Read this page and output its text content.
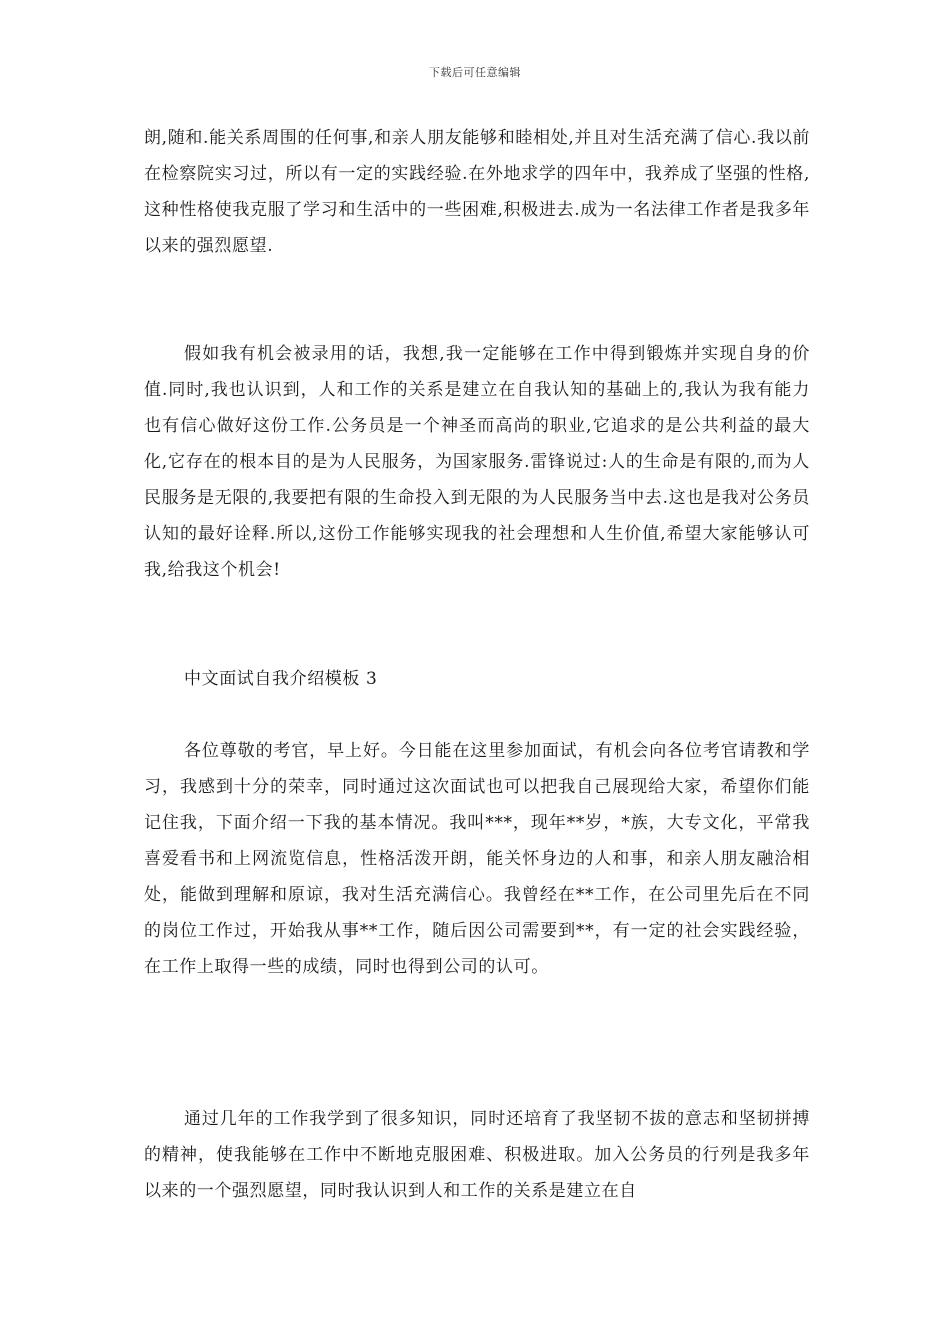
下载后可任意编辑

朗,随和.能关系周围的任何事,和亲人朋友能够和睦相处,并且对生活充满了信心.我以前在检察院实习过，所以有一定的实践经验.在外地求学的四年中，我养成了坚强的性格,这种性格使我克服了学习和生活中的一些困难,积极进去.成为一名法律工作者是我多年以来的强烈愿望.

假如我有机会被录用的话，我想,我一定能够在工作中得到锻炼并实现自身的价值.同时,我也认识到，人和工作的关系是建立在自我认知的基础上的,我认为我有能力也有信心做好这份工作.公务员是一个神圣而高尚的职业,它追求的是公共利益的最大化,它存在的根本目的是为人民服务，为国家服务.雷锋说过:人的生命是有限的,而为人民服务是无限的,我要把有限的生命投入到无限的为人民服务当中去.这也是我对公务员认知的最好诠释.所以,这份工作能够实现我的社会理想和人生价值,希望大家能够认可我,给我这个机会!

中文面试自我介绍模板 3

各位尊敬的考官，早上好。今日能在这里参加面试，有机会向各位考官请教和学习，我感到十分的荣幸，同时通过这次面试也可以把我自己展现给大家，希望你们能记住我，下面介绍一下我的基本情况。我叫***，现年**岁，*族，大专文化，平常我喜爱看书和上网流览信息，性格活泼开朗，能关怀身边的人和事，和亲人朋友融洽相处，能做到理解和原谅，我对生活充满信心。我曾经在**工作，在公司里先后在不同的岗位工作过，开始我从事**工作，随后因公司需要到**，有一定的社会实践经验，在工作上取得一些的成绩，同时也得到公司的认可。

通过几年的工作我学到了很多知识，同时还培育了我坚韧不拔的意志和坚韧拼搏的精神，使我能够在工作中不断地克服困难、积极进取。加入公务员的行列是我多年以来的一个强烈愿望，同时我认识到人和工作的关系是建立在自
